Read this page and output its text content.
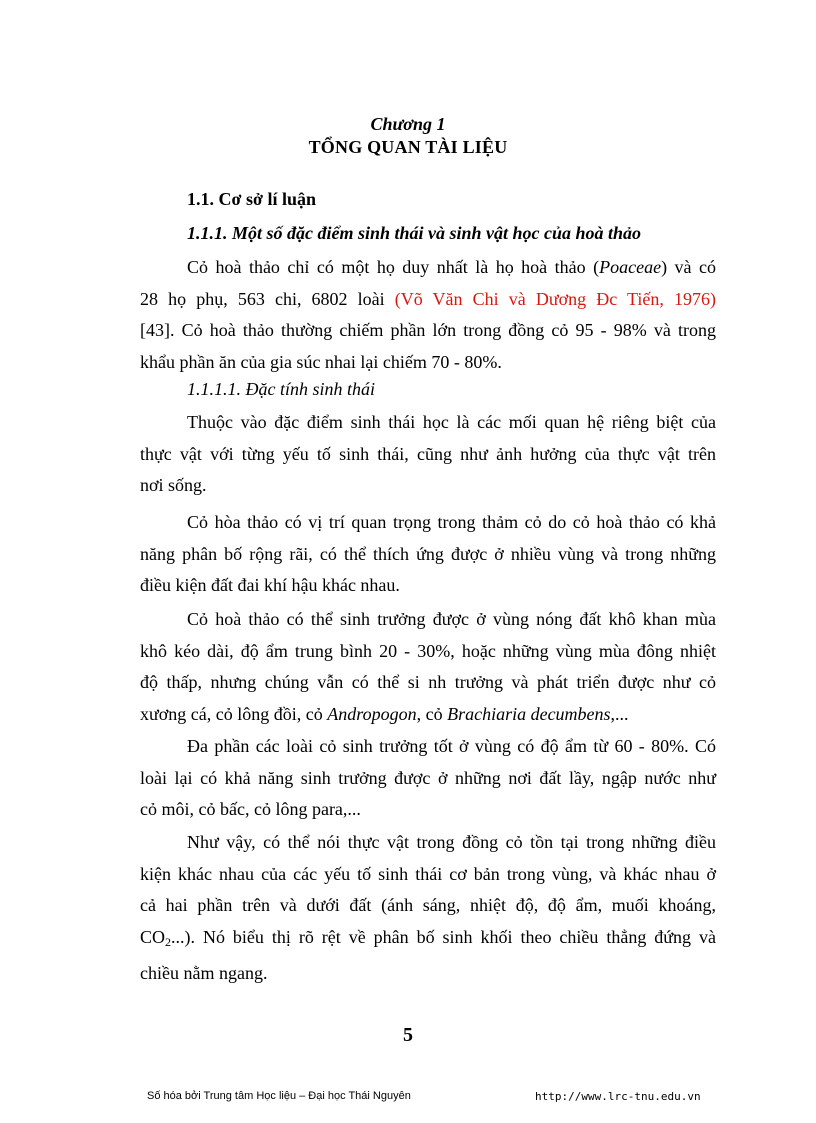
Chương 1
TỔNG QUAN TÀI LIỆU
1.1. Cơ sở lí luận
1.1.1. Một số đặc điểm sinh thái và sinh vật học của hoà thảo
Cỏ hoà thảo chỉ có một họ duy nhất là họ hoà thảo (Poaceae) và có
28 họ phụ, 563 chi, 6802 loài (Võ Văn Chi và Dương Đc Tiến, 1976)
[43]. Cỏ hoà thảo thường chiếm phần lớn trong đồng cỏ 95 - 98% và trong
khẩu phần ăn của gia súc nhai lại chiếm 70 - 80%.
1.1.1.1. Đặc tính sinh thái
Thuộc vào đặc điểm sinh thái học là các mối quan hệ riêng biệt của
thực vật với từng yếu tố sinh thái, cũng như ảnh hưởng của thực vật trên
nơi sống.
Cỏ hòa thảo có vị trí quan trọng trong thảm cỏ do cỏ hoà thảo có khả
năng phân bố rộng rãi, có thể thích ứng được ở nhiều vùng và trong những
điều kiện đất đai khí hậu khác nhau.
Cỏ hoà thảo có thể sinh trưởng được ở vùng nóng đất khô khan mùa
khô kéo dài, độ ẩm trung bình 20 - 30%, hoặc những vùng mùa đông nhiệt
độ thấp, nhưng chúng vẫn có thể si nh trưởng và phát triển được như cỏ
xương cá, cỏ lông đồi, cỏ Andropogon, cỏ Brachiaria decumbens,...
Đa phần các loài cỏ sinh trưởng tốt ở vùng có độ ẩm từ 60 - 80%. Có
loài lại có khả năng sinh trưởng được ở những nơi đất lầy, ngập nước như
cỏ môi, cỏ bấc, cỏ lông para,...
Như vậy, có thể nói thực vật trong đồng cỏ tồn tại trong những điều
kiện khác nhau của các yếu tố sinh thái cơ bản trong vùng, và khác nhau ở
cả hai phần trên và dưới đất (ánh sáng, nhiệt độ, độ ẩm, muối khoáng,
$CO_2$...). Nó biểu thị rõ rệt về phân bố sinh khối theo chiều thẳng đứng và
chiều nằm ngang.
5
Số hóa bởi Trung tâm Học liệu – Đại học Thái Nguyên	http://www.lrc-tnu.edu.vn
